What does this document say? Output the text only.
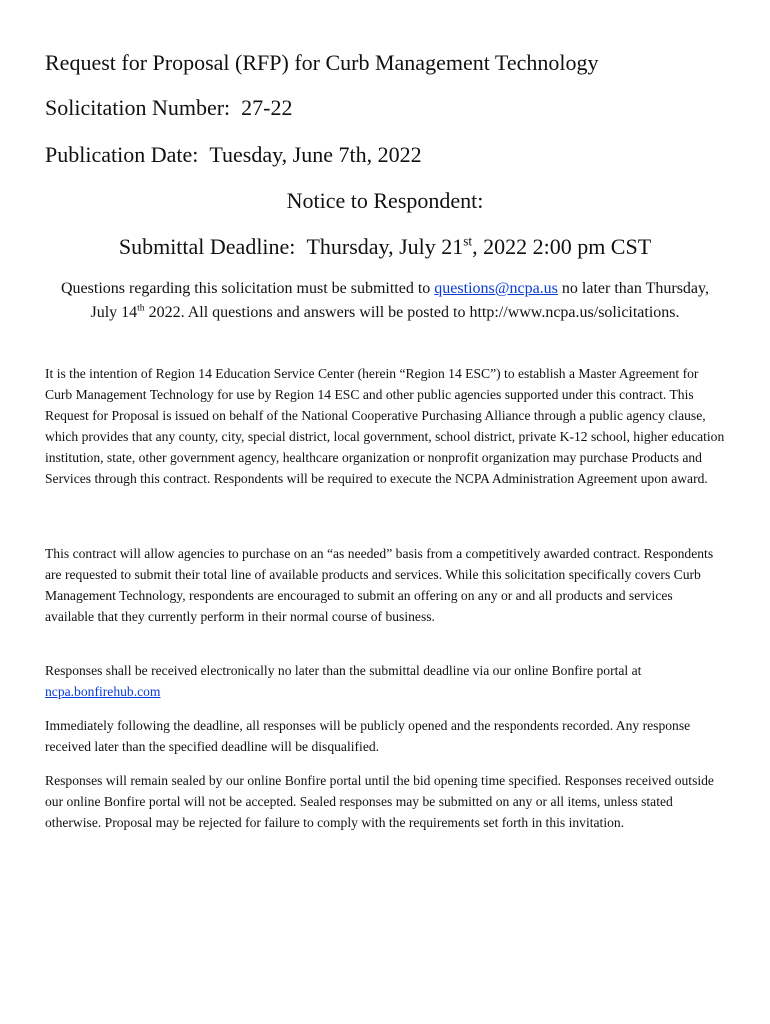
Request for Proposal (RFP) for Curb Management Technology
Solicitation Number: 27-22
Publication Date: Tuesday, June 7th, 2022
Notice to Respondent:
Submittal Deadline: Thursday, July 21st, 2022 2:00 pm CST

Questions regarding this solicitation must be submitted to questions@ncpa.us no later than Thursday, July 14th 2022. All questions and answers will be posted to http://www.ncpa.us/solicitations.

It is the intention of Region 14 Education Service Center (herein “Region 14 ESC”) to establish a Master Agreement for Curb Management Technology for use by Region 14 ESC and other public agencies supported under this contract. This Request for Proposal is issued on behalf of the National Cooperative Purchasing Alliance through a public agency clause, which provides that any county, city, special district, local government, school district, private K-12 school, higher education institution, state, other government agency, healthcare organization or nonprofit organization may purchase Products and Services through this contract. Respondents will be required to execute the NCPA Administration Agreement upon award.

This contract will allow agencies to purchase on an “as needed” basis from a competitively awarded contract. Respondents are requested to submit their total line of available products and services. While this solicitation specifically covers Curb Management Technology, respondents are encouraged to submit an offering on any or and all products and services available that they currently perform in their normal course of business.

Responses shall be received electronically no later than the submittal deadline via our online Bonfire portal at ncpa.bonfirehub.com

Immediately following the deadline, all responses will be publicly opened and the respondents recorded. Any response received later than the specified deadline will be disqualified.

Responses will remain sealed by our online Bonfire portal until the bid opening time specified. Responses received outside our online Bonfire portal will not be accepted. Sealed responses may be submitted on any or all items, unless stated otherwise. Proposal may be rejected for failure to comply with the requirements set forth in this invitation.
